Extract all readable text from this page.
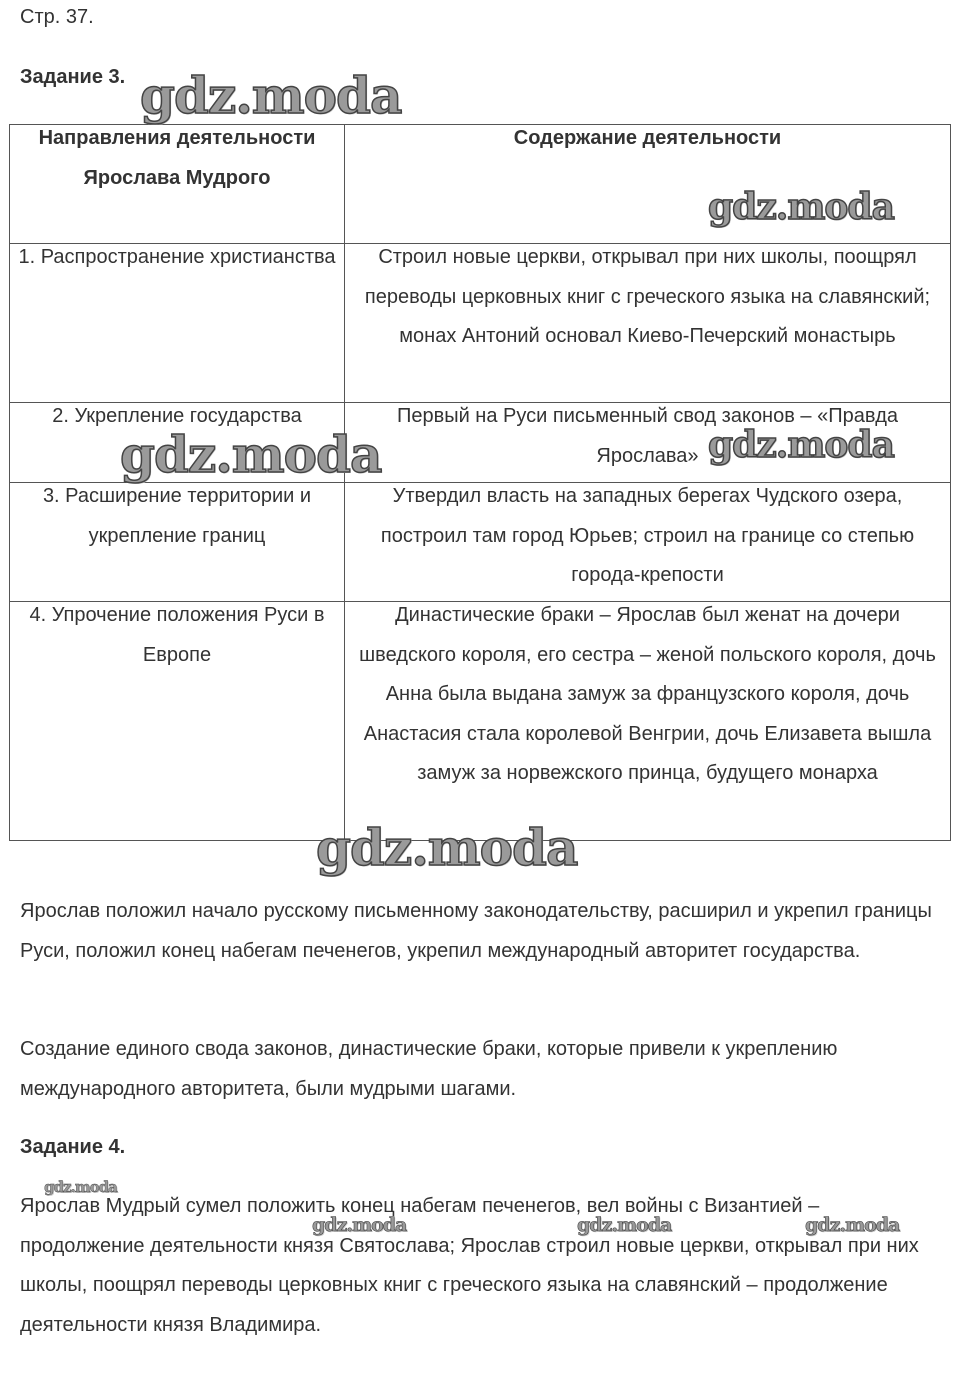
Стр. 37.
Задание 3.
Направления деятельности Ярослава Мудрого	Содержание деятельности

1. Распространение христианства	Строил новые церкви, открывал при них школы, поощрял переводы церковных книг с греческого языка на славянский; монах Антоний основал Киево-Печерский монастырь

2. Укрепление государства	Первый на Руси письменный свод законов – «Правда Ярослава»

3. Расширение территории и укрепление границ	Утвердил власть на западных берегах Чудского озера, построил там город Юрьев; строил на границе со степью города-крепости

4. Упрочение положения Руси в Европе	Династические браки – Ярослав был женат на дочери шведского короля, его сестра – женой польского короля, дочь Анна была выдана замуж за французского короля, дочь Анастасия стала королевой Венгрии, дочь Елизавета вышла замуж за норвежского принца, будущего монарха
Ярослав положил начало русскому письменному законодательству, расширил и укрепил границы Руси, положил конец набегам печенегов, укрепил международный авторитет государства.
Создание единого свода законов, династические браки, которые привели к укреплению международного авторитета, были мудрыми шагами.
Задание 4.
Ярослав Мудрый сумел положить конец набегам печенегов, вел войны с Византией – продолжение деятельности князя Святослава; Ярослав строил новые церкви, открывал при них школы, поощрял переводы церковных книг с греческого языка на славянский – продолжение деятельности князя Владимира.
gdz.moda
gdz.moda
gdz.moda	gdz.moda
gdz.moda
gdz.moda
gdz.moda	gdz.moda	gdz.moda
